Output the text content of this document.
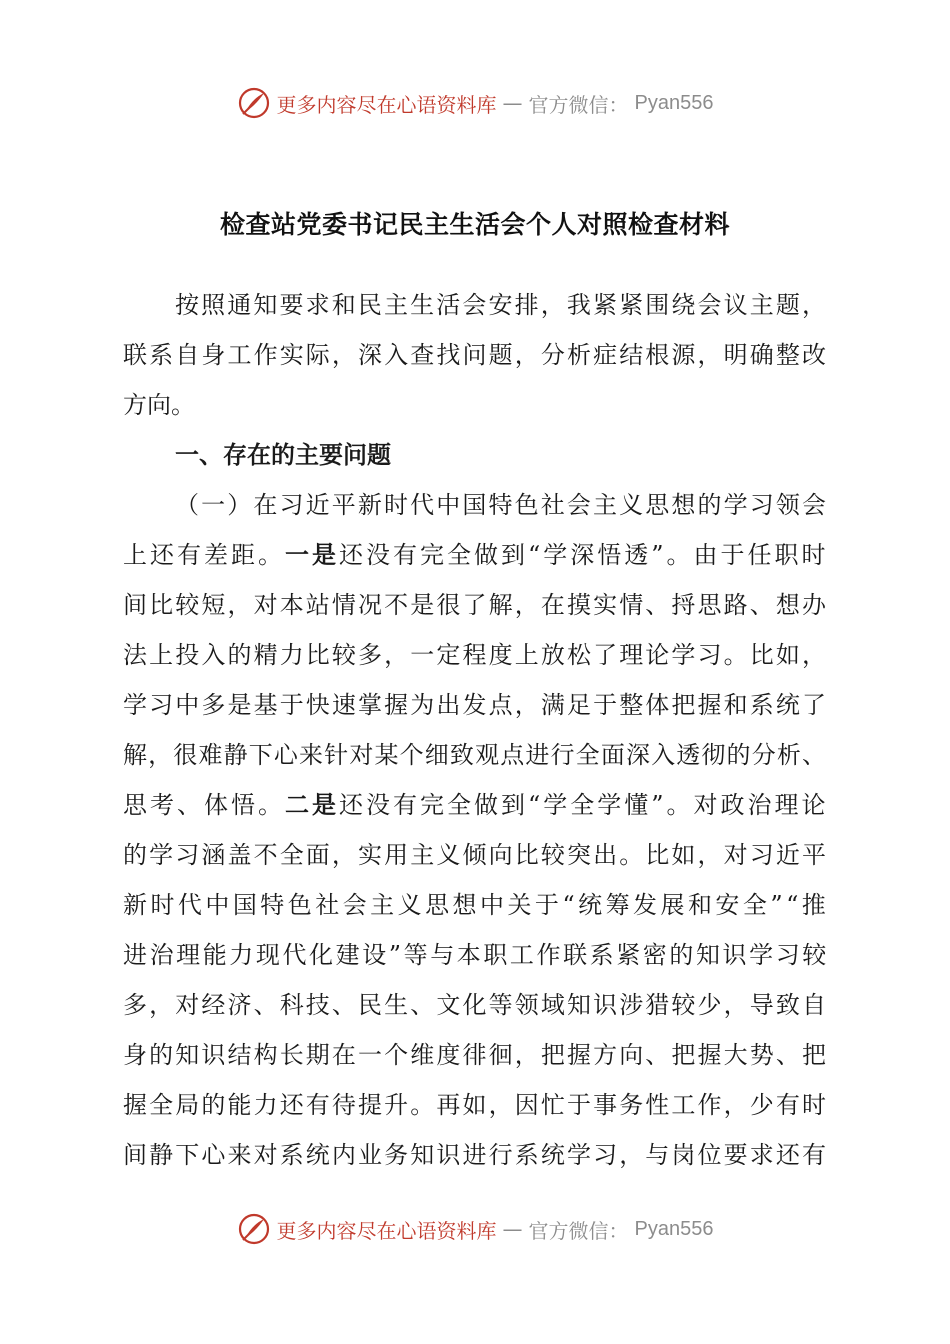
更多内容尽在心语资料库 — 官方微信： Pyan556
检查站党委书记民主生活会个人对照检查材料
按照通知要求和民主生活会安排，我紧紧围绕会议主题，
联系自身工作实际，深入查找问题，分析症结根源，明确整改
方向。
一、存在的主要问题
（一）在习近平新时代中国特色社会主义思想的学习领会
上还有差距。一是还没有完全做到“学深悟透”。由于任职时
间比较短，对本站情况不是很了解，在摸实情、捋思路、想办
法上投入的精力比较多，一定程度上放松了理论学习。比如，
学习中多是基于快速掌握为出发点，满足于整体把握和系统了
解，很难静下心来针对某个细致观点进行全面深入透彻的分析、
思考、体悟。二是还没有完全做到“学全学懂”。对政治理论
的学习涵盖不全面，实用主义倾向比较突出。比如，对习近平
新时代中国特色社会主义思想中关于“统筹发展和安全”“推
进治理能力现代化建设”等与本职工作联系紧密的知识学习较
多，对经济、科技、民生、文化等领域知识涉猎较少，导致自
身的知识结构长期在一个维度徘徊，把握方向、把握大势、把
握全局的能力还有待提升。再如，因忙于事务性工作，少有时
间静下心来对系统内业务知识进行系统学习，与岗位要求还有
更多内容尽在心语资料库 — 官方微信： Pyan556
